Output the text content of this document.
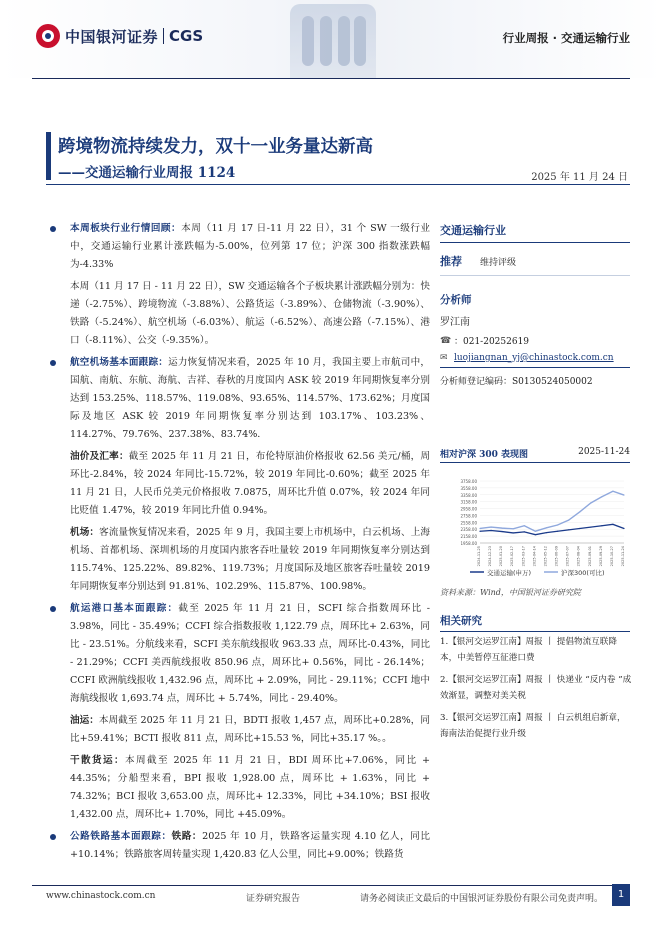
中国银河证券 CGS	行业周报 · 交通运输行业
跨境物流持续发力，双十一业务量达新高
——交通运输行业周报 1124	2025 年 11 月 24 日
本周板块行业行情回顾：本周（11 月 17 日-11 月 22 日），31 个 SW 一级行业中，交通运输行业累计涨跌幅为-5.00%，位列第 17 位；沪深 300 指数涨跌幅为-4.33%
本周（11 月 17 日 - 11 月 22 日），SW 交通运输各个子板块累计涨跌幅分别为：快递（-2.75%）、跨境物流（-3.88%）、公路货运（-3.89%）、仓储物流（-3.90%）、铁路（-5.24%）、航空机场（-6.03%）、航运（-6.52%）、高速公路（-7.15%）、港口（-8.11%）、公交（-9.35%）。
航空机场基本面跟踪：运力恢复情况来看，2025 年 10 月，我国主要上市航司中，国航、南航、东航、海航、吉祥、春秋的月度国内 ASK 较 2019 年同期恢复率分别达到 153.25%、118.57%、119.08%、93.65%、114.57%、173.62%；月度国际及地区 ASK 较 2019 年同期恢复率分别达到 103.17%、103.23%、114.27%、79.76%、237.38%、83.74%.
油价及汇率：截至 2025 年 11 月 21 日，布伦特原油价格报收 62.56 美元/桶，周环比-2.84%，较 2024 年同比-15.72%，较 2019 年同比-0.60%；截至 2025 年 11 月 21 日，人民币兑美元价格报收 7.0875，周环比升值 0.07%，较 2024 年同比贬值 1.47%，较 2019 年同比升值 0.94%。
机场：客流量恢复情况来看，2025 年 9 月，我国主要上市机场中，白云机场、上海机场、首都机场、深圳机场的月度国内旅客吞吐量较 2019 年同期恢复率分别达到 115.74%、125.22%、89.82%、119.73%；月度国际及地区旅客吞吐量较 2019 年同期恢复率分别达到 91.81%、102.29%、115.87%、100.98%。
航运港口基本面跟踪：截至 2025 年 11 月 21 日，SCFI 综合指数周环比 - 3.98%，同比 - 35.49%；CCFI 综合指数报收 1,122.79 点，周环比+ 2.63%，同比 - 23.51%。分航线来看，SCFI 美东航线报收 963.33 点，周环比-0.43%，同比 - 21.29%；CCFI 美西航线报收 850.96 点，周环比+ 0.56%，同比 - 26.14%；CCFI 欧洲航线报收 1,432.96 点，周环比 + 2.09%，同比 - 29.11%；CCFI 地中海航线报收 1,693.74 点，周环比 + 5.74%，同比 - 29.40%。
油运：本周截至 2025 年 11 月 21 日，BDTI 报收 1,457 点，周环比+0.28%，同比+59.41%；BCTI 报收 811 点，周环比+15.53 %，同比+35.17 %。。
干散货运：本周截至 2025 年 11 月 21 日，BDI 周环比+7.06%，同比 + 44.35%；分船型来看，BPI 报收 1,928.00 点，周环比 + 1.63%，同比 + 74.32%；BCI 报收 3,653.00 点，周环比+ 12.33%，同比 +34.10%；BSI 报收 1,432.00 点，周环比+ 1.70%，同比 +45.09%。
公路铁路基本面跟踪：铁路：2025 年 10 月，铁路客运量实现 4.10 亿人，同比+10.14%；铁路旅客周转量实现 1,420.83 亿人公里，同比+9.00%；铁路货
交通运输行业
推荐 维持评级
分析师
罗江南
☎ ：021-20252619
✉ luojiangnan_yj@chinastock.com.cn
分析师登记编码：S0130524050002
相对沪深 300 表现图	2025-11-24
3758.00
3558.00
3358.00
3158.00
2958.00
2758.00
2558.00
2358.00
2158.00
1958.00
2024-11-25 2024-12-23 2025-01-20 2025-02-17 2025-03-17 2025-04-14 2025-05-12 2025-06-09 2025-07-07 2025-08-04 2025-09-01 2025-09-29 2025-10-27 2025-11-24
交通运输(申万)	沪深300(可比)
资料来源：Wind，中国银河证券研究院
相关研究
1.【银河交运罗江南】周报 丨 提倡物流互联降本，中美暂停互征港口费
2.【银河交运罗江南】周报 丨 快递业 “反内卷 ”成效渐显，调整对美关税
3.【银河交运罗江南】周报 丨 白云机组启新章，海南法治促提行业升级
www.chinastock.com.cn	证券研究报告	请务必阅读正文最后的中国银河证券股份有限公司免责声明。	1
